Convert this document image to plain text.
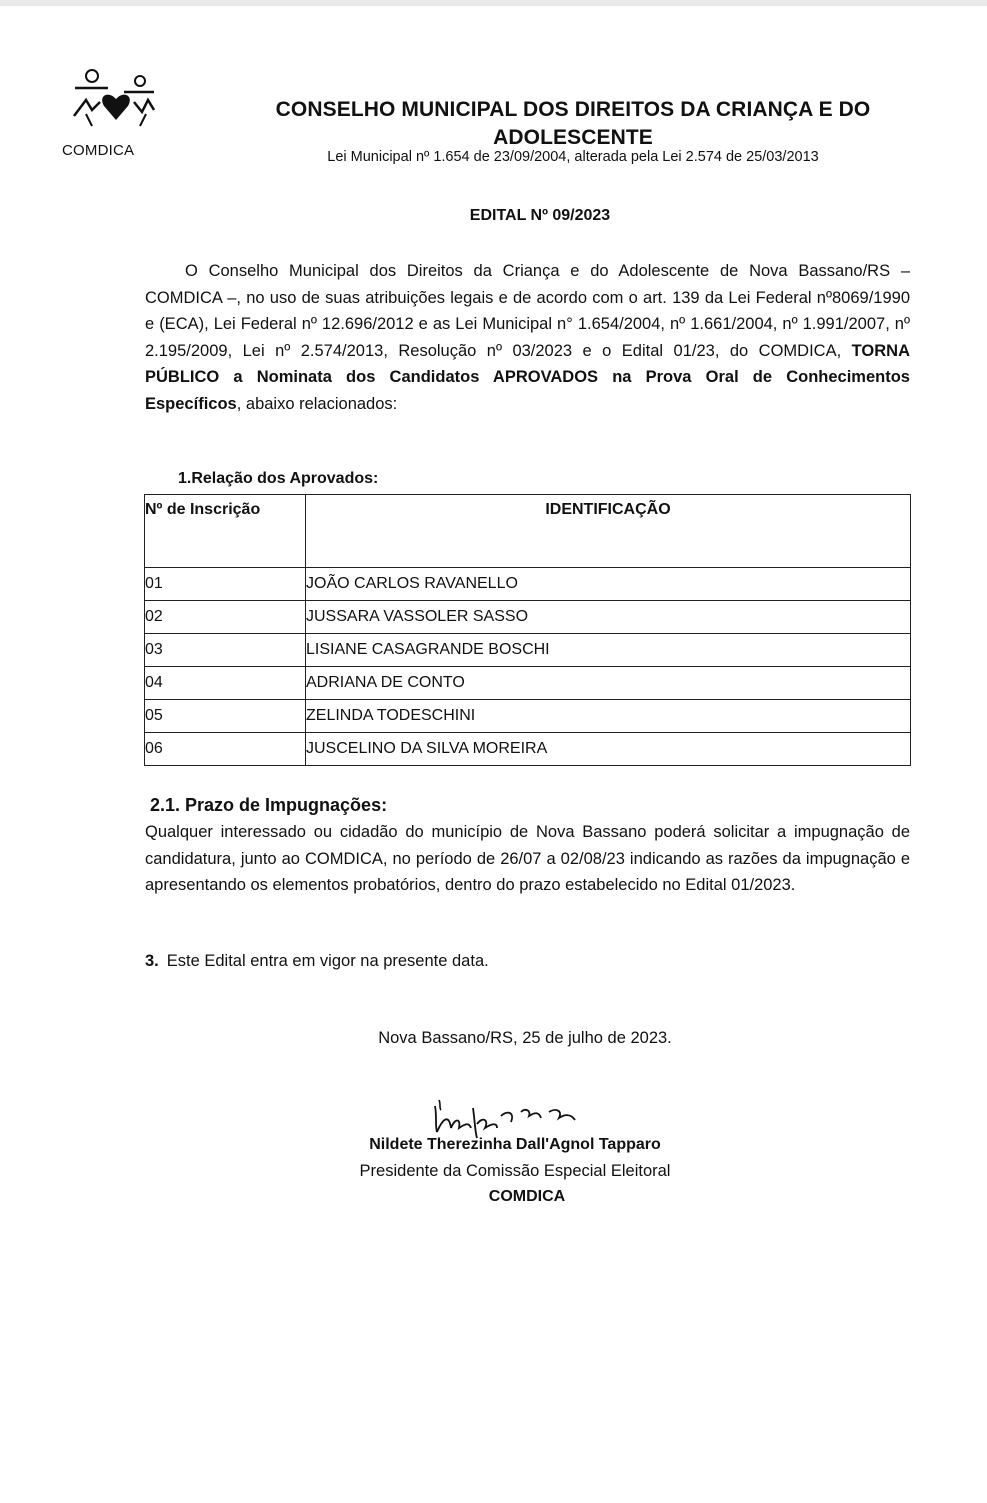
COMDICA
CONSELHO MUNICIPAL DOS DIREITOS DA CRIANÇA E DO ADOLESCENTE
Lei Municipal nº 1.654 de 23/09/2004, alterada pela Lei 2.574 de 25/03/2013
EDITAL Nº 09/2023
O Conselho Municipal dos Direitos da Criança e do Adolescente de Nova Bassano/RS – COMDICA –, no uso de suas atribuições legais e de acordo com o art. 139 da Lei Federal nº8069/1990 e (ECA), Lei Federal nº 12.696/2012 e as Lei Municipal n° 1.654/2004, nº 1.661/2004, nº 1.991/2007, nº 2.195/2009, Lei nº 2.574/2013, Resolução nº 03/2023 e o Edital 01/23, do COMDICA, TORNA PÚBLICO a Nominata dos Candidatos APROVADOS na Prova Oral de Conhecimentos Específicos, abaixo relacionados:
1.Relação dos Aprovados:
Nº de Inscrição	IDENTIFICAÇÃO
01	JOÃO CARLOS RAVANELLO
02	JUSSARA VASSOLER SASSO
03	LISIANE CASAGRANDE BOSCHI
04	ADRIANA DE CONTO
05	ZELINDA TODESCHINI
06	JUSCELINO DA SILVA MOREIRA
2.1. Prazo de Impugnações:
Qualquer interessado ou cidadão do município de Nova Bassano poderá solicitar a impugnação de candidatura, junto ao COMDICA, no período de 26/07 a 02/08/23 indicando as razões da impugnação e apresentando os elementos probatórios, dentro do prazo estabelecido no Edital 01/2023.
3. Este Edital entra em vigor na presente data.
Nova Bassano/RS, 25 de julho de 2023.
Nildete Therezinha Dall'Agnol Tapparo
Presidente da Comissão Especial Eleitoral
COMDICA
